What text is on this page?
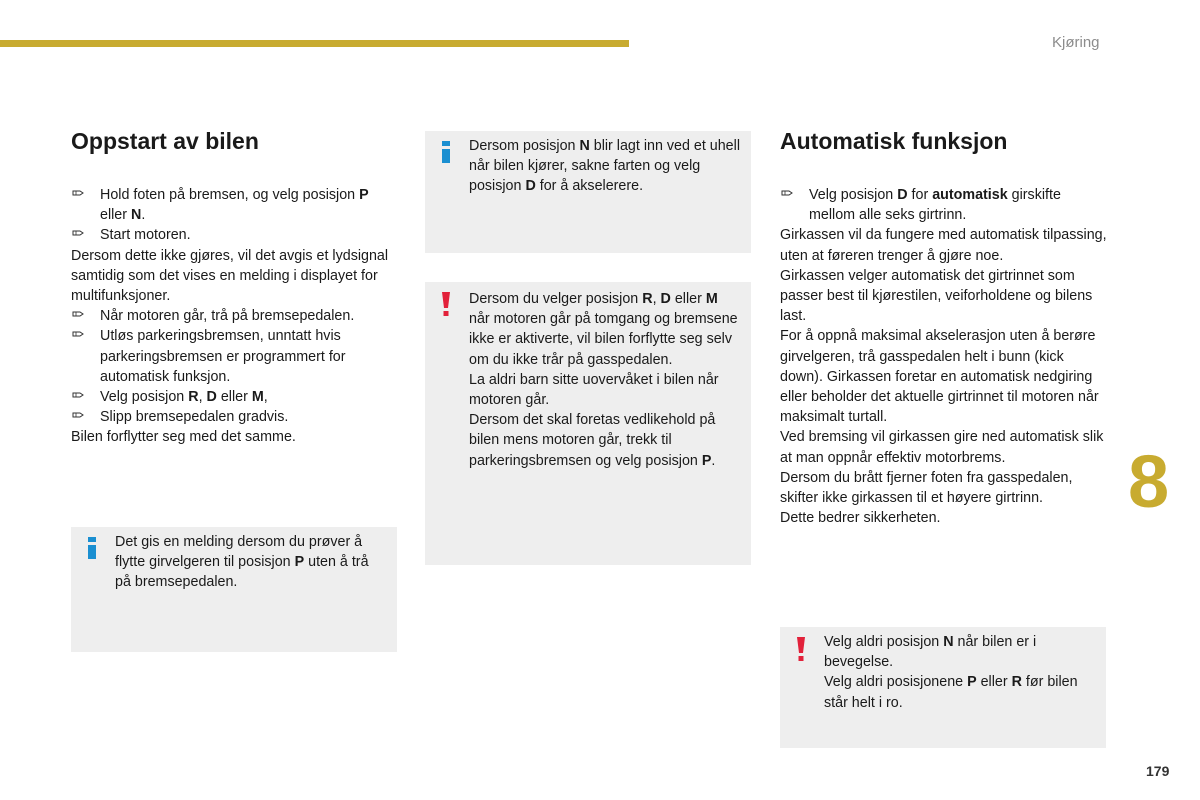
Kjøring
Oppstart av bilen

Hold foten på bremsen, og velg posisjon P eller N.

Start motoren.

Dersom dette ikke gjøres, vil det avgis et lydsignal samtidig som det vises en melding i displayet for multifunksjoner.

Når motoren går, trå på bremsepedalen.

Utløs parkeringsbremsen, unntatt hvis parkeringsbremsen er programmert for automatisk funksjon.

Velg posisjon R, D eller M,

Slipp bremsepedalen gradvis.

Bilen forflytter seg med det samme.

Det gis en melding dersom du prøver å flytte girvelgeren til posisjon P uten å trå på bremsepedalen.

Dersom posisjon N blir lagt inn ved et uhell når bilen kjører, sakne farten og velg posisjon D for å akselerere.

Dersom du velger posisjon R, D eller M når motoren går på tomgang og bremsene ikke er aktiverte, vil bilen forflytte seg selv om du ikke trår på gasspedalen.

La aldri barn sitte uovervåket i bilen når motoren går.

Dersom det skal foretas vedlikehold på bilen mens motoren går, trekk til parkeringsbremsen og velg posisjon P.

Automatisk funksjon

Velg posisjon D for automatisk girskifte mellom alle seks girtrinn.

Girkassen vil da fungere med automatisk tilpassing, uten at føreren trenger å gjøre noe.

Girkassen velger automatisk det girtrinnet som passer best til kjørestilen, veiforholdene og bilens last.

For å oppnå maksimal akselerasjon uten å berøre girvelgeren, trå gasspedalen helt i bunn (kick down). Girkassen foretar en automatisk nedgiring eller beholder det aktuelle girtrinnet til motoren når maksimalt turtall.

Ved bremsing vil girkassen gire ned automatisk slik at man oppnår effektiv motorbrems.

Dersom du brått fjerner foten fra gasspedalen, skifter ikke girkassen til et høyere girtrinn.

Dette bedrer sikkerheten.

Velg aldri posisjon N når bilen er i bevegelse.

Velg aldri posisjonene P eller R før bilen står helt i ro.

8
179
